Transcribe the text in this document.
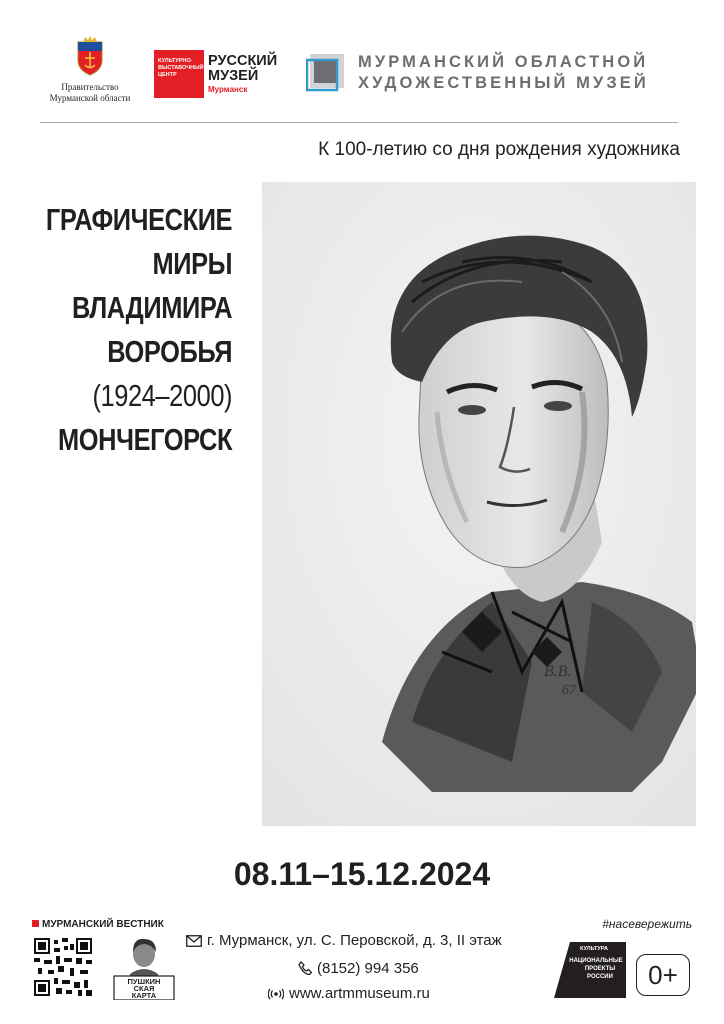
Правительство
Мурманской области
КУЛЬТУРНО-
ВЫСТАВОЧНЫЙ
ЦЕНТР
РУССКИЙ
МУЗЕЙ
Мурманск
МУРМАНСКИЙ ОБЛАСТНОЙ
ХУДОЖЕСТВЕННЫЙ МУЗЕЙ
К 100-летию со дня рождения художника
ГРАФИЧЕСКИЕ
МИРЫ
ВЛАДИМИРА
ВОРОБЬЯ
(1924–2000)
МОНЧЕГОРСК
В.В.
67
08.11–15.12.2024
МУРМАНСКИЙ ВЕСТНИК
ПУШКИН
СКАЯ
КАРТА
г. Мурманск, ул. С. Перовской, д. 3, II этаж
(8152) 994 356
www.artmmuseum.ru
#насевережить
КУЛЬТУРА
НАЦИОНАЛЬНЫЕ
ПРОЕКТЫ
РОССИИ	0+
